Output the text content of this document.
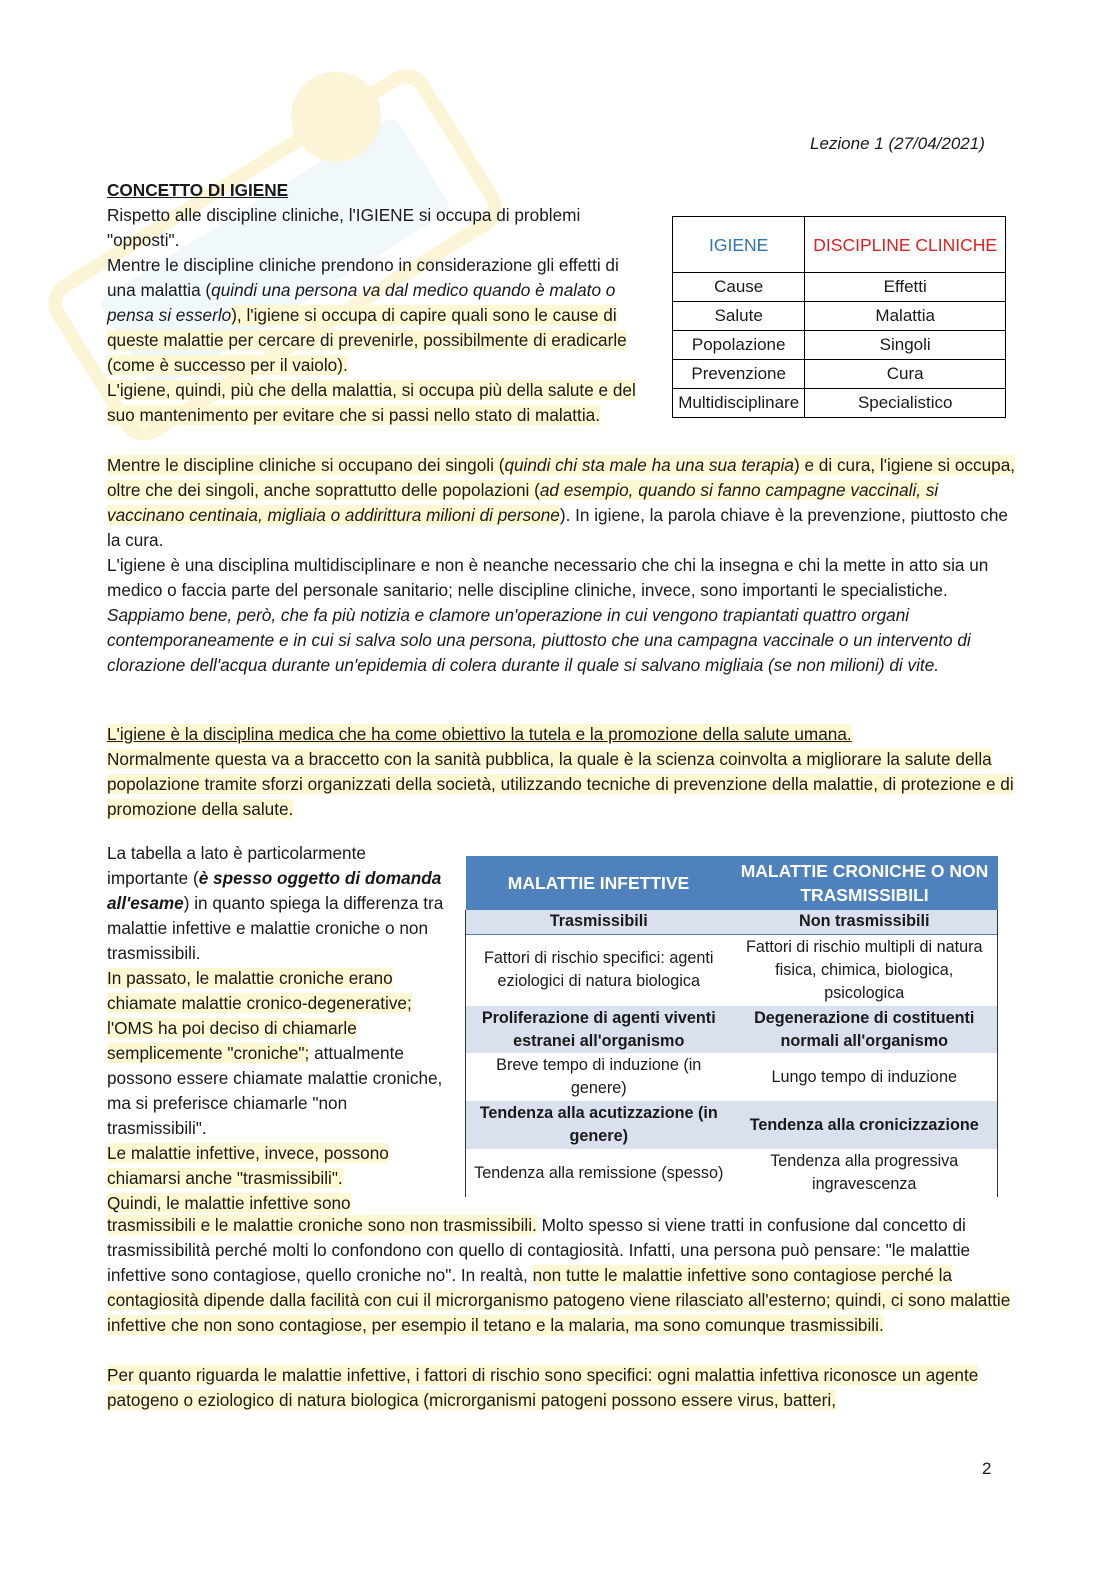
Lezione 1 (27/04/2021)
CONCETTO DI IGIENE

Rispetto alle discipline cliniche, l'IGIENE si occupa di problemi "opposti".

Mentre le discipline cliniche prendono in considerazione gli effetti di una malattia (quindi una persona va dal medico quando è malato o pensa si esserlo), l'igiene si occupa di capire quali sono le cause di queste malattie per cercare di prevenirle, possibilmente di eradicarle (come è successo per il vaiolo).

L'igiene, quindi, più che della malattia, si occupa più della salute e del suo mantenimento per evitare che si passi nello stato di malattia.

IGIENE	DISCIPLINE CLINICHE
Cause	Effetti
Salute	Malattia
Popolazione	Singoli
Prevenzione	Cura
Multidisciplinare	Specialistico
Mentre le discipline cliniche si occupano dei singoli (quindi chi sta male ha una sua terapia) e di cura, l'igiene si occupa, oltre che dei singoli, anche soprattutto delle popolazioni (ad esempio, quando si fanno campagne vaccinali, si vaccinano centinaia, migliaia o addirittura milioni di persone). In igiene, la parola chiave è la prevenzione, piuttosto che la cura.
L'igiene è una disciplina multidisciplinare e non è neanche necessario che chi la insegna e chi la mette in atto sia un medico o faccia parte del personale sanitario; nelle discipline cliniche, invece, sono importanti le specialistiche. Sappiamo bene, però, che fa più notizia e clamore un'operazione in cui vengono trapiantati quattro organi contemporaneamente e in cui si salva solo una persona, piuttosto che una campagna vaccinale o un intervento di clorazione dell'acqua durante un'epidemia di colera durante il quale si salvano migliaia (se non milioni) di vite.
L'igiene è la disciplina medica che ha come obiettivo la tutela e la promozione della salute umana.
Normalmente questa va a braccetto con la sanità pubblica, la quale è la scienza coinvolta a migliorare la salute della popolazione tramite sforzi organizzati della società, utilizzando tecniche di prevenzione della malattie, di protezione e di promozione della salute.
La tabella a lato è particolarmente importante (è spesso oggetto di domanda all'esame) in quanto spiega la differenza tra malattie infettive e malattie croniche o non trasmissibili.
In passato, le malattie croniche erano chiamate malattie cronico-degenerative; l'OMS ha poi deciso di chiamarle semplicemente "croniche"; attualmente possono essere chiamate malattie croniche, ma si preferisce chiamarle "non trasmissibili".
Le malattie infettive, invece, possono chiamarsi anche "trasmissibili".
Quindi, le malattie infettive sono
MALATTIE INFETTIVE	MALATTIE CRONICHE O NON TRASMISSIBILI
Trasmissibili	Non trasmissibili
Fattori di rischio specifici: agenti eziologici di natura biologica	Fattori di rischio multipli di natura fisica, chimica, biologica, psicologica
Proliferazione di agenti viventi estranei all'organismo	Degenerazione di costituenti normali all'organismo
Breve tempo di induzione (in genere)	Lungo tempo di induzione
Tendenza alla acutizzazione (in genere)	Tendenza alla cronicizzazione
Tendenza alla remissione (spesso)	Tendenza alla progressiva ingravescenza
trasmissibili e le malattie croniche sono non trasmissibili. Molto spesso si viene tratti in confusione dal concetto di trasmissibilità perché molti lo confondono con quello di contagiosità. Infatti, una persona può pensare: "le malattie infettive sono contagiose, quello croniche no". In realtà, non tutte le malattie infettive sono contagiose perché la contagiosità dipende dalla facilità con cui il microrganismo patogeno viene rilasciato all'esterno; quindi, ci sono malattie infettive che non sono contagiose, per esempio il tetano e la malaria, ma sono comunque trasmissibili.
Per quanto riguarda le malattie infettive, i fattori di rischio sono specifici: ogni malattia infettiva riconosce un agente patogeno o eziologico di natura biologica (microrganismi patogeni possono essere virus, batteri,
2
